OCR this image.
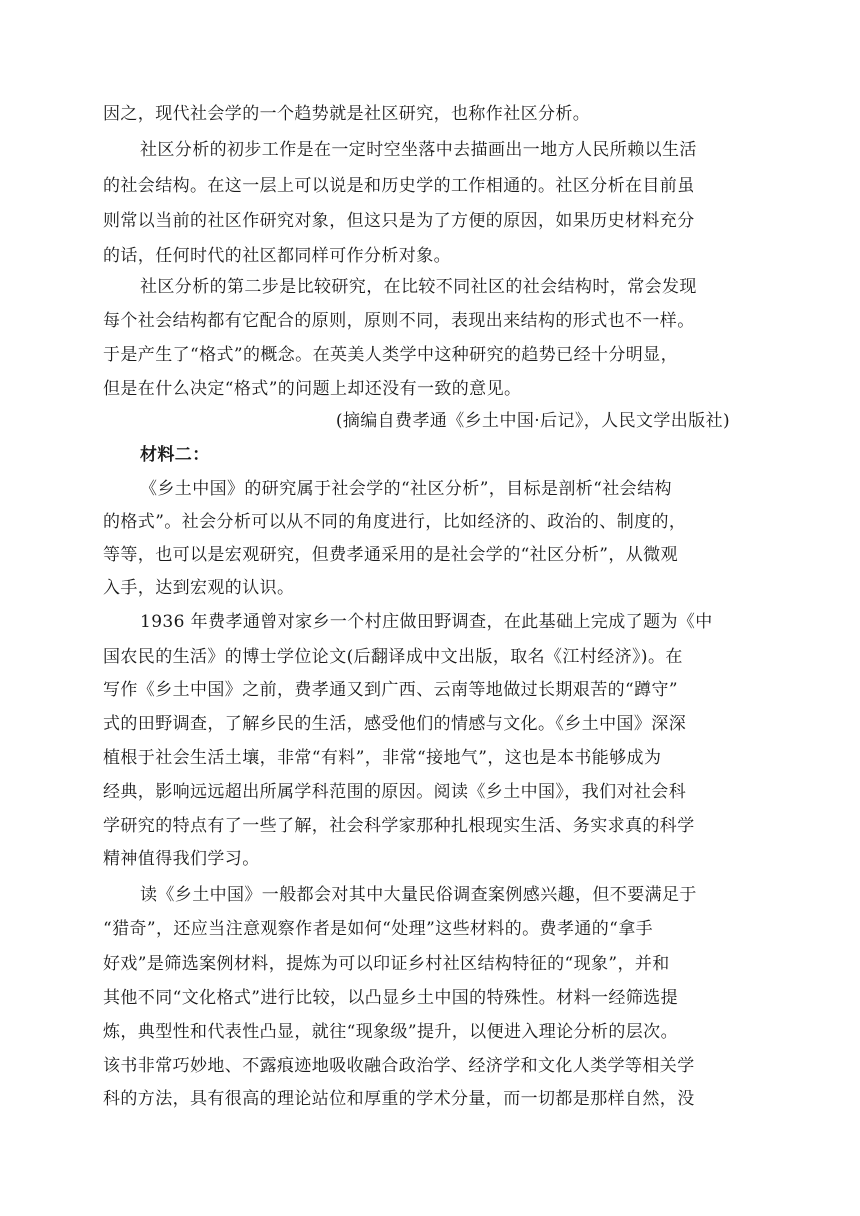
因之，现代社会学的一个趋势就是社区研究，也称作社区分析。
社区分析的初步工作是在一定时空坐落中去描画出一地方人民所赖以生活
的社会结构。在这一层上可以说是和历史学的工作相通的。社区分析在目前虽
则常以当前的社区作研究对象，但这只是为了方便的原因，如果历史材料充分
的话，任何时代的社区都同样可作分析对象。
社区分析的第二步是比较研究，在比较不同社区的社会结构时，常会发现
每个社会结构都有它配合的原则，原则不同，表现出来结构的形式也不一样。
于是产生了“格式”的概念。在英美人类学中这种研究的趋势已经十分明显，
但是在什么决定“格式”的问题上却还没有一致的意见。
(摘编自费孝通《乡土中国·后记》，人民文学出版社)
材料二：
《乡土中国》的研究属于社会学的“社区分析”，目标是剖析“社会结构
的格式”。社会分析可以从不同的角度进行，比如经济的、政治的、制度的，
等等，也可以是宏观研究，但费孝通采用的是社会学的“社区分析”，从微观
入手，达到宏观的认识。
1936 年费孝通曾对家乡一个村庄做田野调查，在此基础上完成了题为《中
国农民的生活》的博士学位论文(后翻译成中文出版，取名《江村经济》)。在
写作《乡土中国》之前，费孝通又到广西、云南等地做过长期艰苦的“蹲守”
式的田野调查，了解乡民的生活，感受他们的情感与文化。《乡土中国》深深
植根于社会生活土壤，非常“有料”，非常“接地气”，这也是本书能够成为
经典，影响远远超出所属学科范围的原因。阅读《乡土中国》，我们对社会科
学研究的特点有了一些了解，社会科学家那种扎根现实生活、务实求真的科学
精神值得我们学习。
读《乡土中国》一般都会对其中大量民俗调查案例感兴趣，但不要满足于
“猎奇”，还应当注意观察作者是如何“处理”这些材料的。费孝通的“拿手
好戏”是筛选案例材料，提炼为可以印证乡村社区结构特征的“现象”，并和
其他不同“文化格式”进行比较，以凸显乡土中国的特殊性。材料一经筛选提
炼，典型性和代表性凸显，就往“现象级”提升，以便进入理论分析的层次。
该书非常巧妙地、不露痕迹地吸收融合政治学、经济学和文化人类学等相关学
科的方法，具有很高的理论站位和厚重的学术分量，而一切都是那样自然，没
